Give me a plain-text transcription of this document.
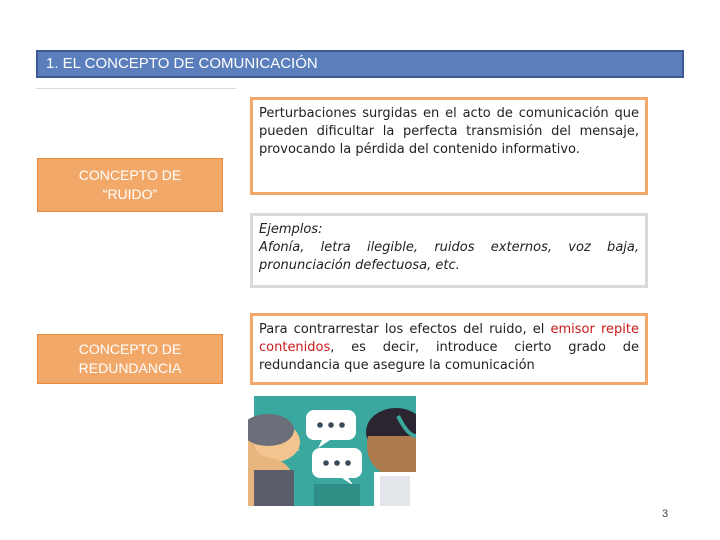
1. EL CONCEPTO DE COMUNICACIÓN
CONCEPTO DE
“RUIDO”
CONCEPTO DE
REDUNDANCIA
Perturbaciones surgidas en el acto de comunicación que pueden dificultar la perfecta transmisión del mensaje, provocando la pérdida del contenido informativo.
Ejemplos:
Afonía, letra ilegible, ruidos externos, voz baja, pronunciación defectuosa, etc.
Para contrarrestar los efectos del ruido, el emisor repite contenidos, es decir, introduce cierto grado de redundancia que asegure la comunicación
3
